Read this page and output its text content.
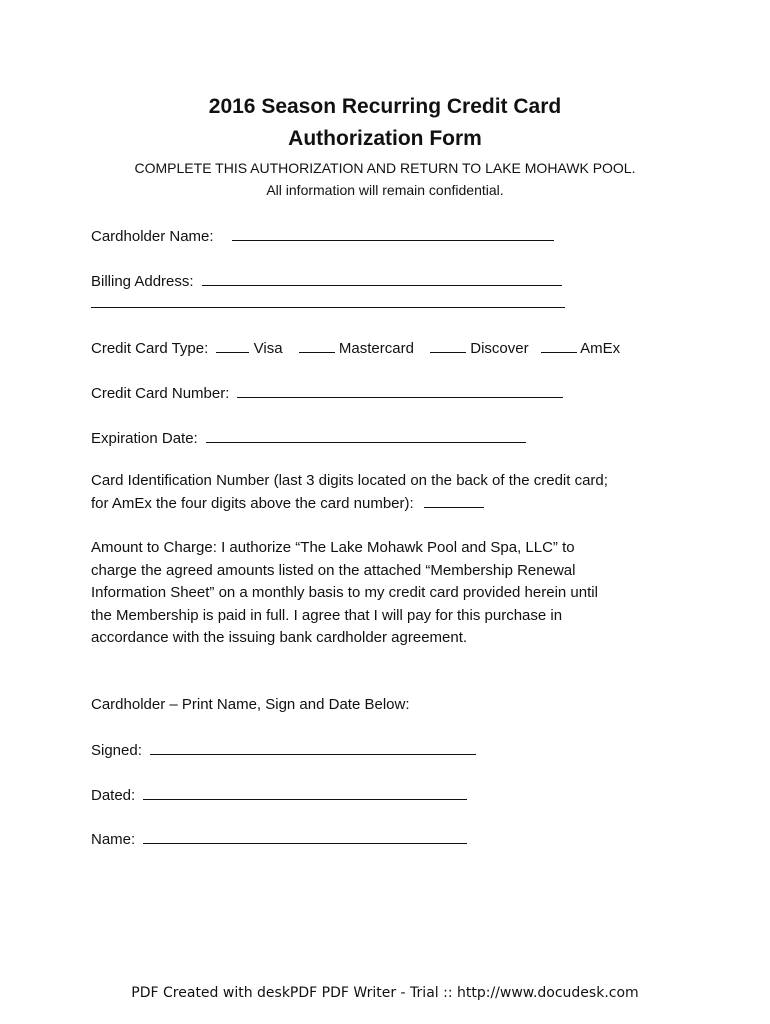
2016 Season Recurring Credit Card
Authorization Form
COMPLETE THIS AUTHORIZATION AND RETURN TO LAKE MOHAWK POOL.
All information will remain confidential.
Cardholder Name:
Billing Address:
Credit Card Type:	Visa	Mastercard	Discover	AmEx
Credit Card Number:
Expiration Date:
Card Identification Number (last 3 digits located on the back of the credit card;
for AmEx the four digits above the card number):
Amount to Charge: I authorize “The Lake Mohawk Pool and Spa, LLC” to
charge the agreed amounts listed on the attached “Membership Renewal
Information Sheet” on a monthly basis to my credit card provided herein until
the Membership is paid in full. I agree that I will pay for this purchase in
accordance with the issuing bank cardholder agreement.
Cardholder – Print Name, Sign and Date Below:
Signed:
Dated:
Name:
PDF Created with deskPDF PDF Writer - Trial :: http://www.docudesk.com
